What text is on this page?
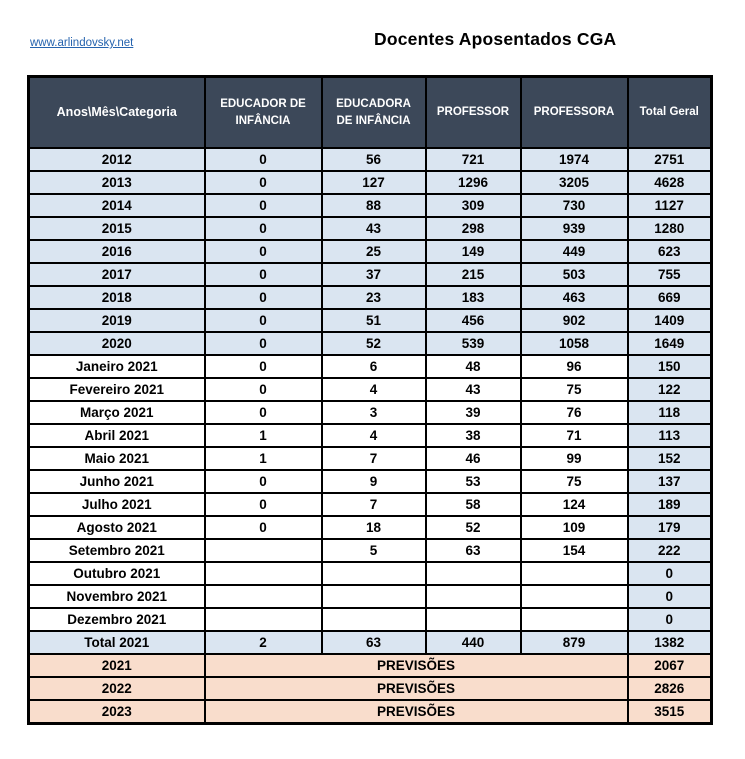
www.arlindovsky.net	Docentes Aposentados CGA
Anos\Mês\Categoria	EDUCADOR DE INFÂNCIA	EDUCADORA DE INFÂNCIA	PROFESSOR	PROFESSORA	Total Geral
2012	0	56	721	1974	2751
2013	0	127	1296	3205	4628
2014	0	88	309	730	1127
2015	0	43	298	939	1280
2016	0	25	149	449	623
2017	0	37	215	503	755
2018	0	23	183	463	669
2019	0	51	456	902	1409
2020	0	52	539	1058	1649
Janeiro 2021	0	6	48	96	150
Fevereiro 2021	0	4	43	75	122
Março 2021	0	3	39	76	118
Abril 2021	1	4	38	71	113
Maio 2021	1	7	46	99	152
Junho 2021	0	9	53	75	137
Julho 2021	0	7	58	124	189
Agosto 2021	0	18	52	109	179
Setembro 2021		5	63	154	222
Outubro 2021					0
Novembro 2021					0
Dezembro 2021					0
Total 2021	2	63	440	879	1382
2021	PREVISÕES				2067
2022	PREVISÕES				2826
2023	PREVISÕES				3515
